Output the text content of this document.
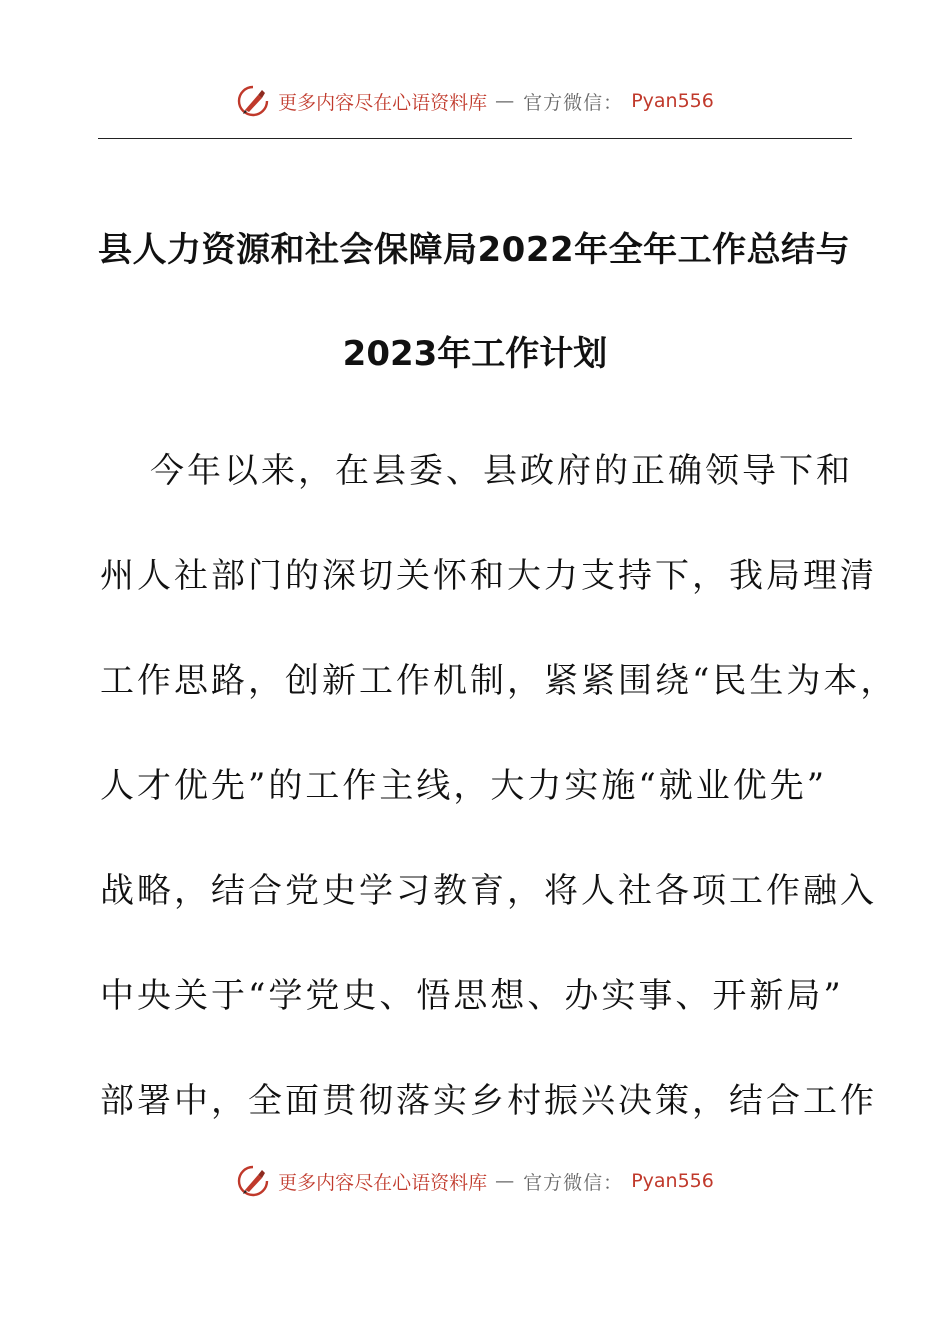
更多内容尽在心语资料库 — 官方微信： Pyan556
县人力资源和社会保障局2022年全年工作总结与
2023年工作计划
今年以来，在县委、县政府的正确领导下和
州人社部门的深切关怀和大力支持下，我局理清
工作思路，创新工作机制，紧紧围绕“民生为本，
人才优先”的工作主线，大力实施“就业优先”
战略，结合党史学习教育，将人社各项工作融入
中央关于“学党史、悟思想、办实事、开新局”
部署中，全面贯彻落实乡村振兴决策，结合工作
更多内容尽在心语资料库 — 官方微信： Pyan556
